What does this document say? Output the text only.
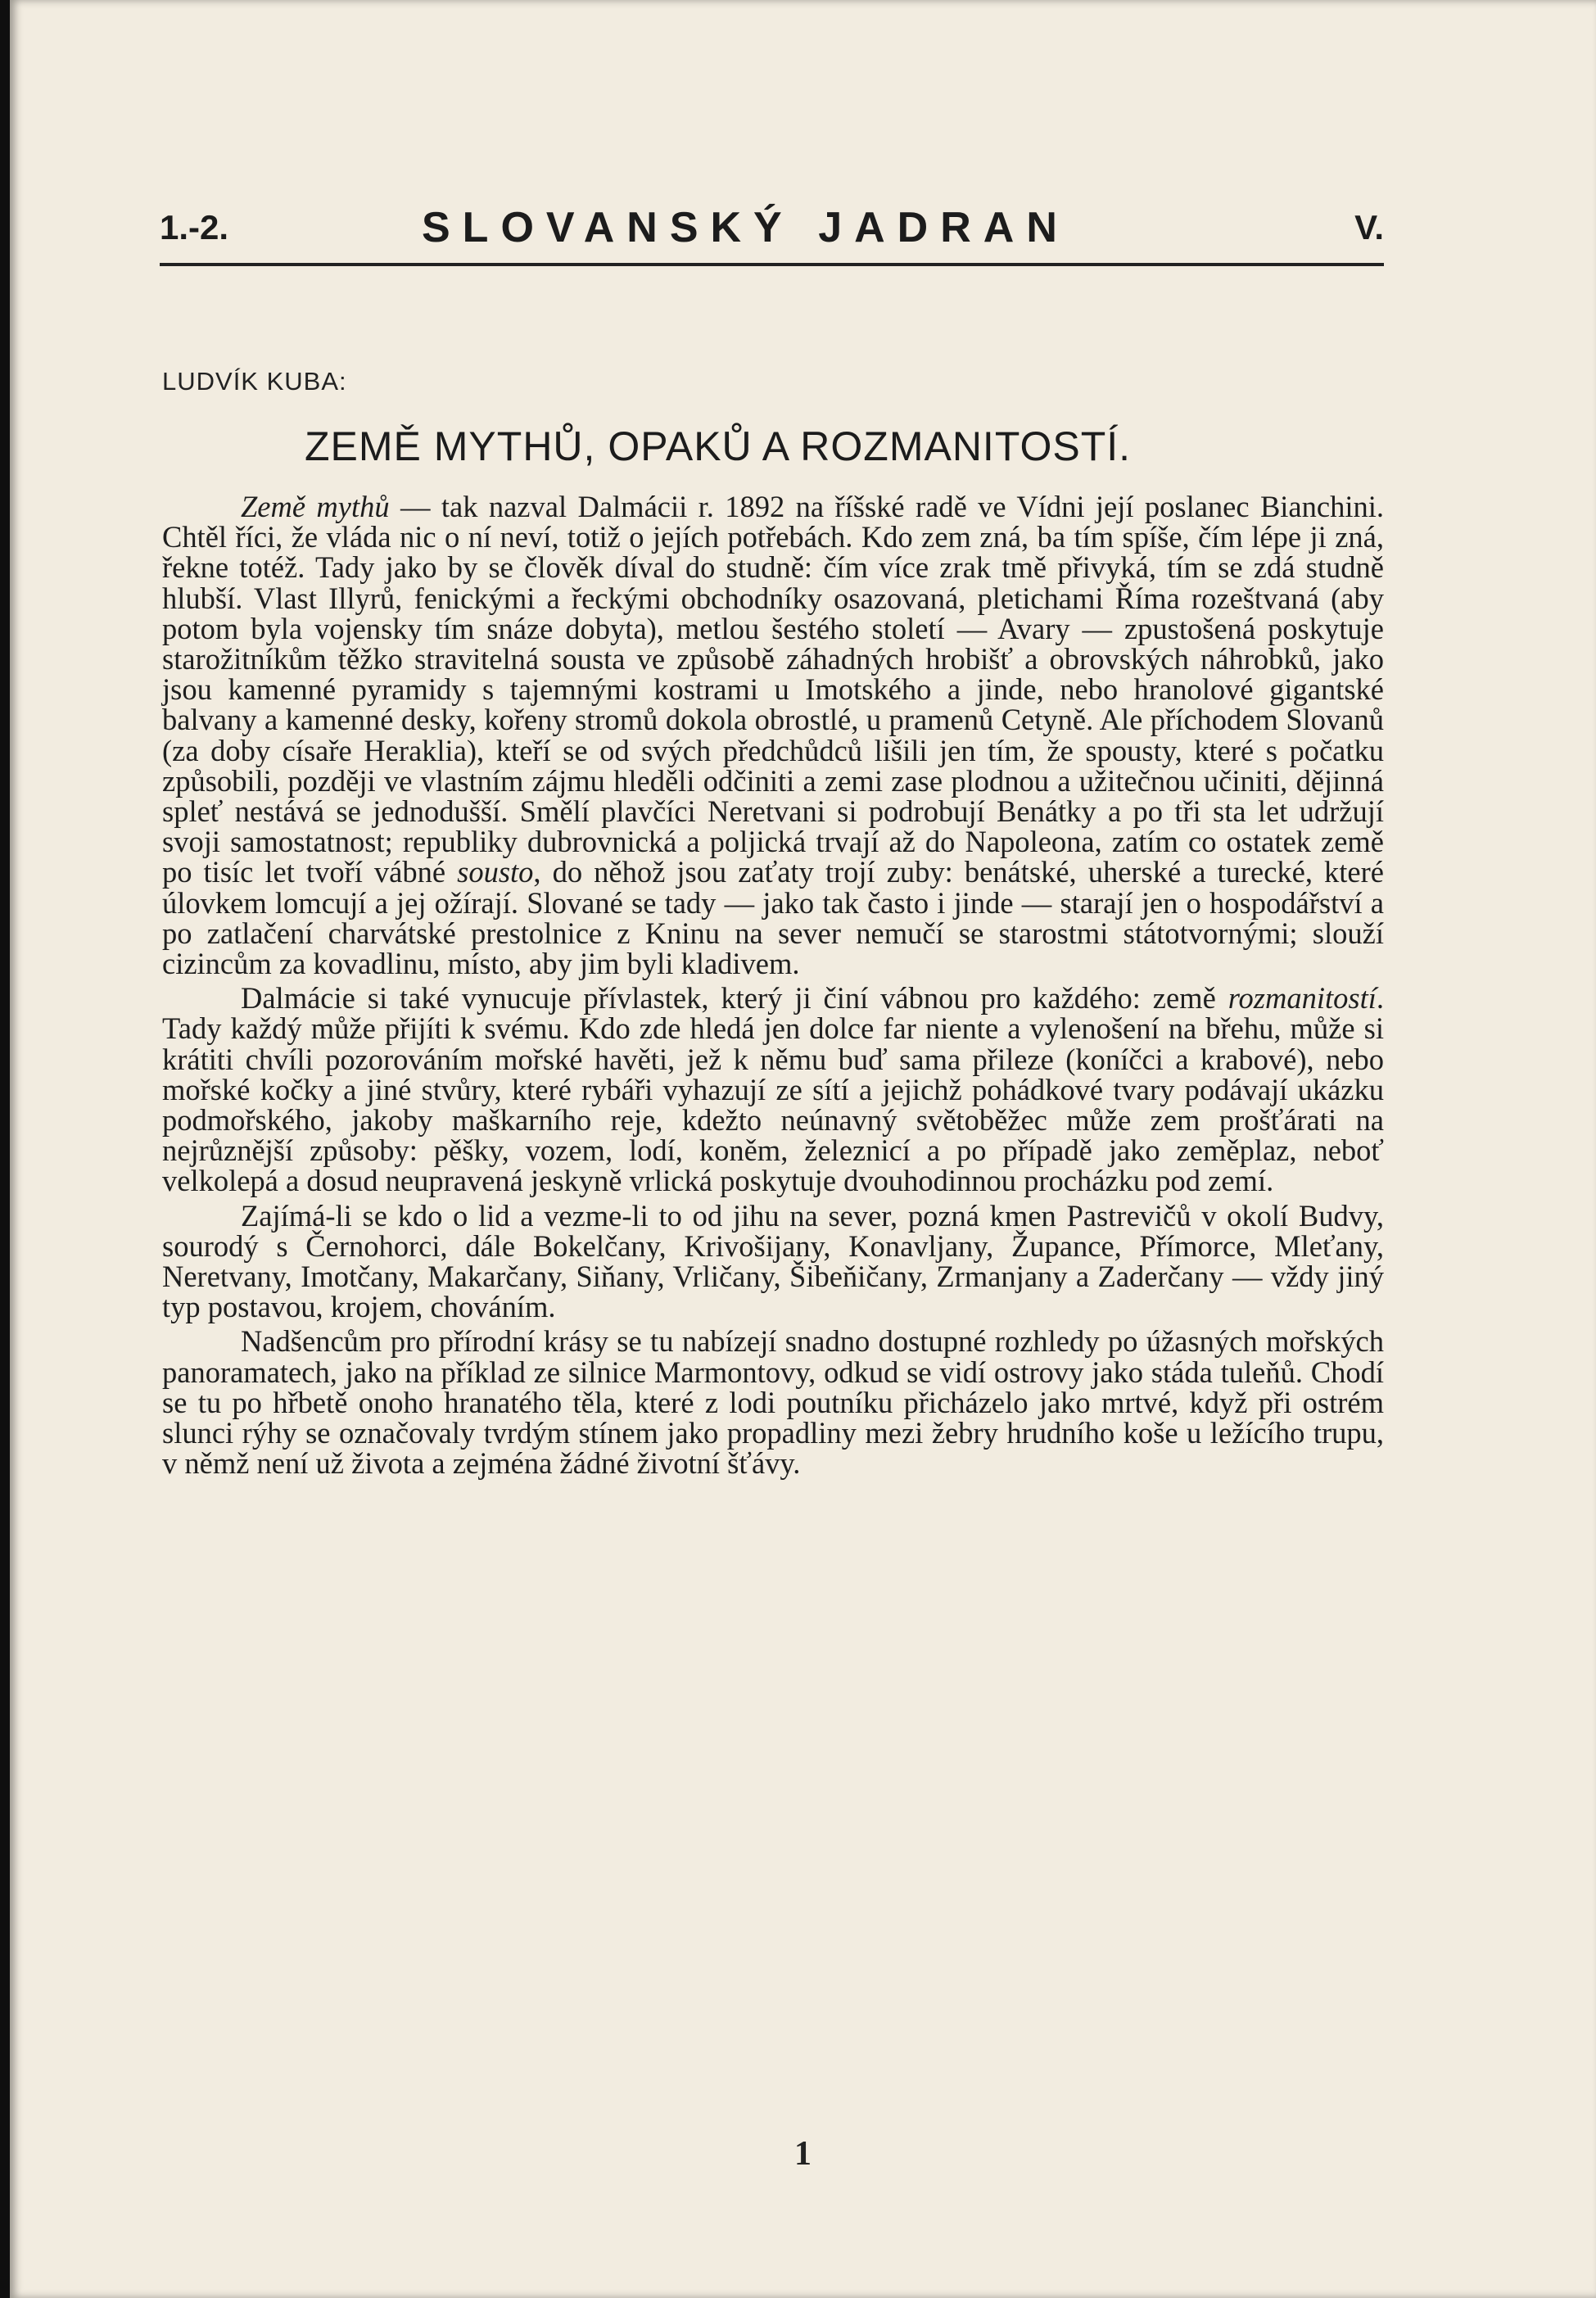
1.-2.	SLOVANSKÝ JADRAN	V.
LUDVÍK KUBA:
ZEMĚ MYTHŮ, OPAKŮ A ROZMANITOSTÍ.

Země mythů — tak nazval Dalmácii r. 1892 na říšské radě ve Vídni její poslanec Bianchini. Chtěl říci, že vláda nic o ní neví, totiž o jejích potřebách. Kdo zem zná, ba tím spíše, čím lépe ji zná, řekne totéž. Tady jako by se člověk díval do studně: čím více zrak tmě přivyká, tím se zdá studně hlubší. Vlast Illyrů, fenickými a řeckými obchodníky osazovaná, pletichami Říma rozeštvaná (aby potom byla vojensky tím snáze dobyta), metlou šestého století — Avary — zpustošená poskytuje starožitníkům těžko stravitelná sousta ve způsobě záhadných hrobišť a obrovských náhrobků, jako jsou kamenné pyramidy s tajemnými kostrami u Imotského a jinde, nebo hranolové gigantské balvany a kamenné desky, kořeny stromů dokola obrostlé, u pramenů Cetyně. Ale příchodem Slovanů (za doby císaře Heraklia), kteří se od svých předchůdců lišili jen tím, že spousty, které s počatku způsobili, později ve vlastním zájmu hleděli odčiniti a zemi zase plodnou a užitečnou učiniti, dějinná spleť nestává se jednodušší. Smělí plavčíci Neretvani si podrobují Benátky a po tři sta let udržují svoji samostatnost; republiky dubrovnická a poljická trvají až do Napoleona, zatím co ostatek země po tisíc let tvoří vábné sousto, do něhož jsou zaťaty trojí zuby: benátské, uherské a turecké, které úlovkem lomcují a jej ožírají. Slované se tady — jako tak často i jinde — starají jen o hospodářství a po zatlačení charvátské prestolnice z Kninu na sever nemučí se starostmi státotvornými; slouží cizincům za kovadlinu, místo, aby jim byli kladivem.

Dalmácie si také vynucuje přívlastek, který ji činí vábnou pro každého: země rozmanitostí. Tady každý může přijíti k svému. Kdo zde hledá jen dolce far niente a vylenošení na břehu, může si krátiti chvíli pozorováním mořské havěti, jež k němu buď sama přileze (koníčci a krabové), nebo mořské kočky a jiné stvůry, které rybáři vyhazují ze sítí a jejichž pohádkové tvary podávají ukázku podmořského, jakoby maškarního reje, kdežto neúnavný světoběžec může zem prošťárati na nejrůznější způsoby: pěšky, vozem, lodí, koněm, železnicí a po případě jako zeměplaz, neboť velkolepá a dosud neupravená jeskyně vrlická poskytuje dvouhodinnou procházku pod zemí.

Zajímá-li se kdo o lid a vezme-li to od jihu na sever, pozná kmen Pastrevičů v okolí Budvy, sourodý s Černohorci, dále Bokelčany, Krivošijany, Konavljany, Župance, Přímorce, Mleťany, Neretvany, Imotčany, Makarčany, Siňany, Vrličany, Šibeňičany, Zrmanjany a Zaderčany — vždy jiný typ postavou, krojem, chováním.

Nadšencům pro přírodní krásy se tu nabízejí snadno dostupné rozhledy po úžasných mořských panoramatech, jako na příklad ze silnice Marmontovy, odkud se vidí ostrovy jako stáda tuleňů. Chodí se tu po hřbetě onoho hranatého těla, které z lodi poutníku přicházelo jako mrtvé, když při ostrém slunci rýhy se označovaly tvrdým stínem jako propadliny mezi žebry hrudního koše u ležícího trupu, v němž není už života a zejména žádné životní šťávy.

1
